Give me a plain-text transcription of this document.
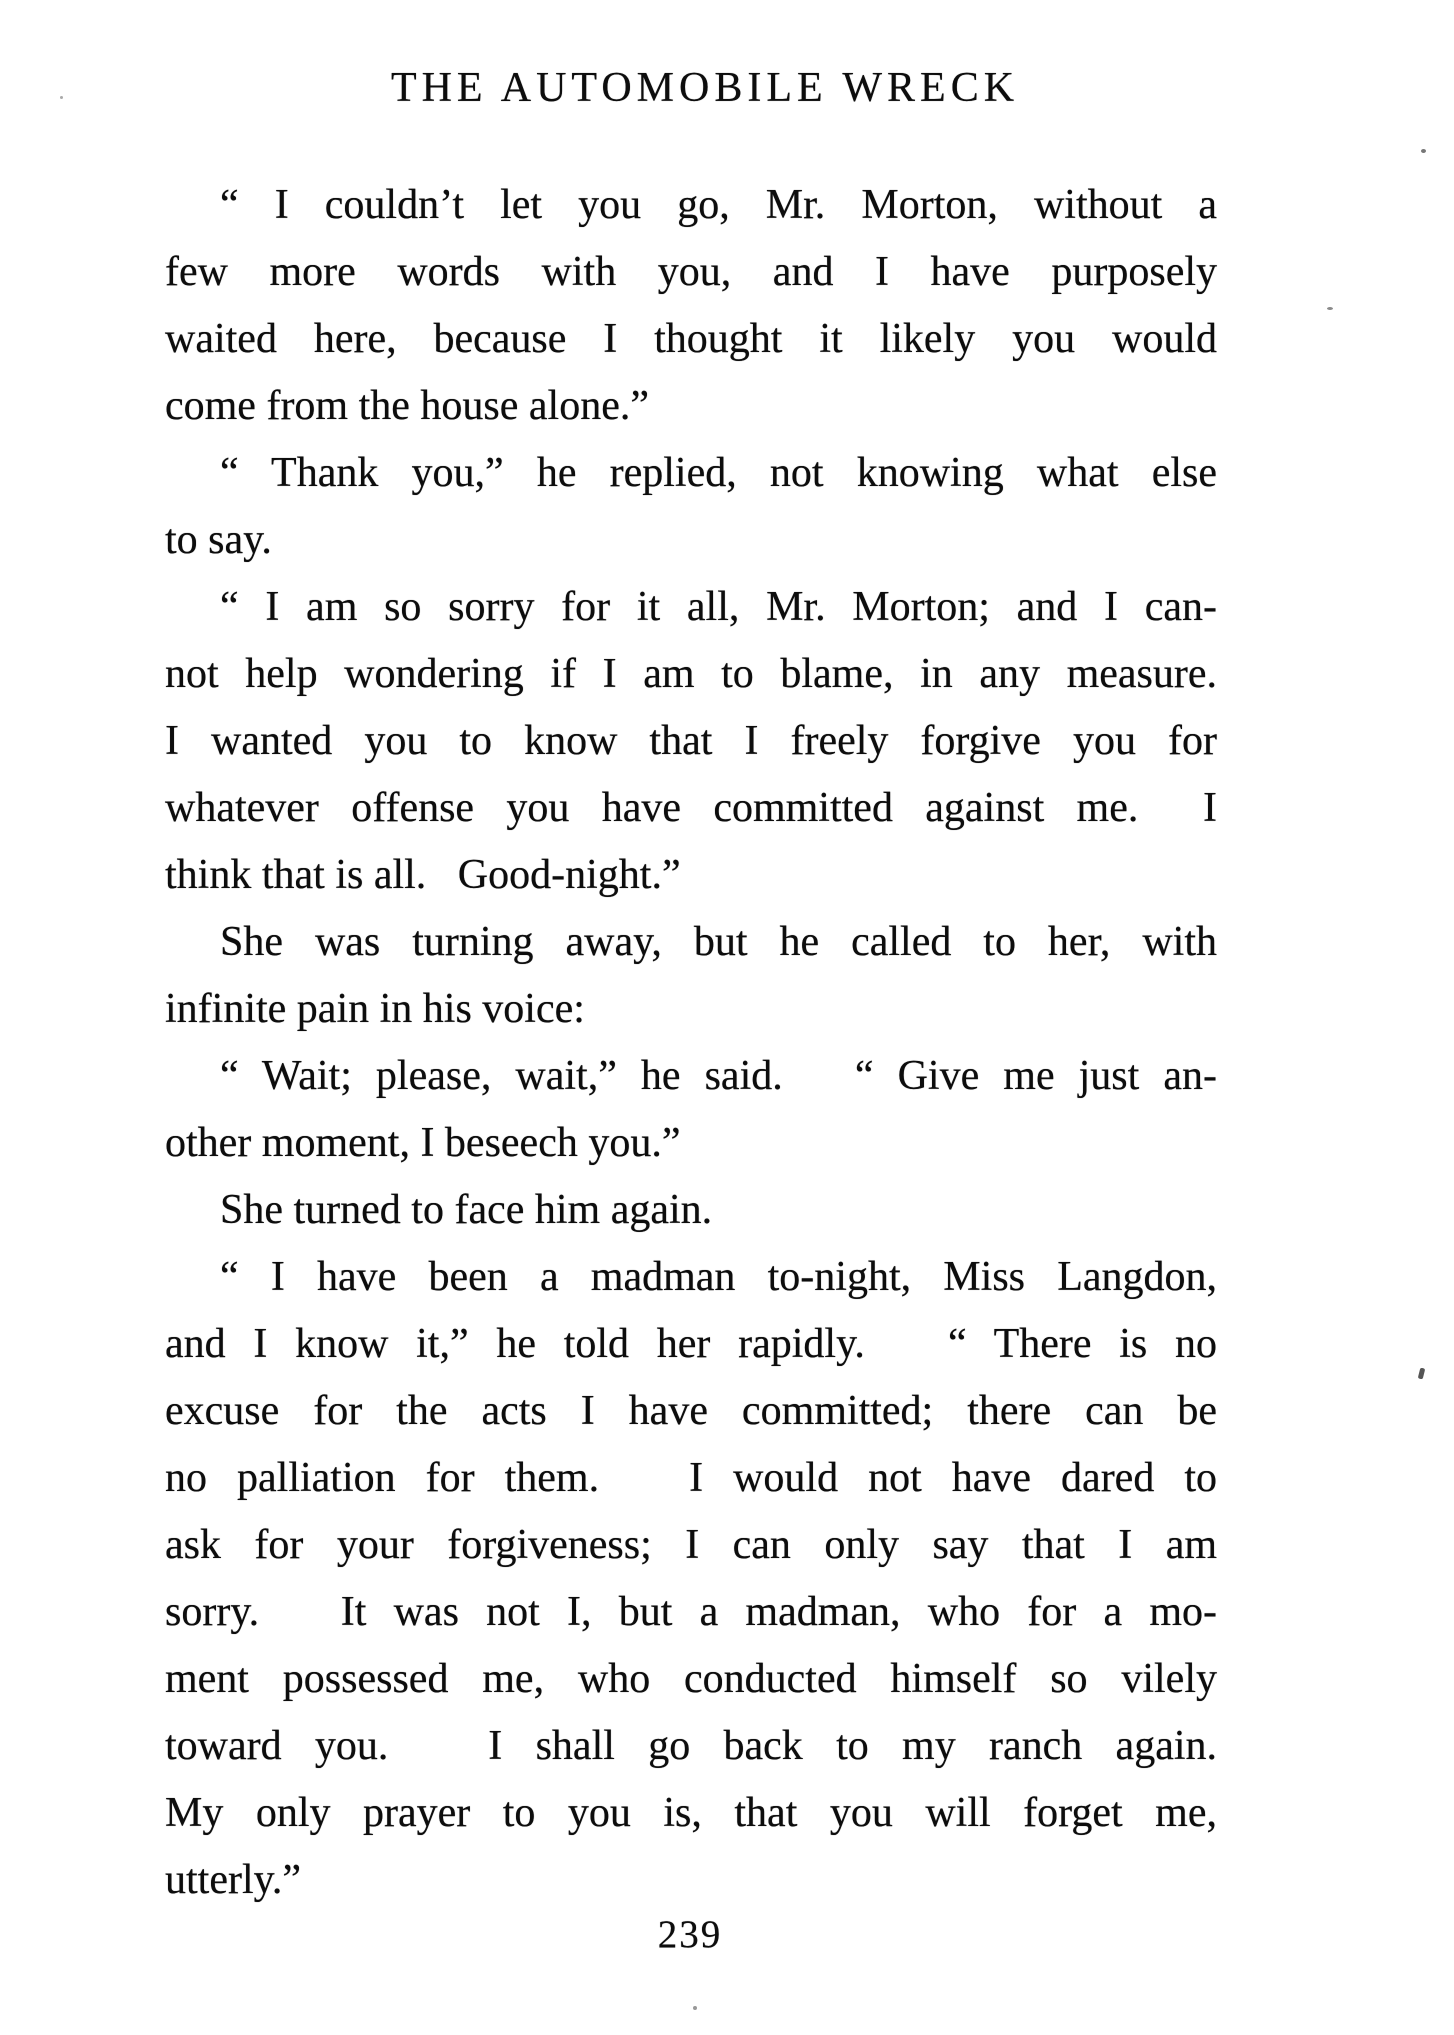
THE AUTOMOBILE WRECK
“ I couldn’t let you go, Mr. Morton, without a
few more words with you, and I have purposely
waited here, because I thought it likely you would
come from the house alone.”
“ Thank you,” he replied, not knowing what else
to say.
“ I am so sorry for it all, Mr. Morton; and I can-
not help wondering if I am to blame, in any measure.
I wanted you to know that I freely forgive you for
whatever offense you have committed against me.  I
think that is all.   Good-night.”
She was turning away, but he called to her, with
infinite pain in his voice:
“ Wait; please, wait,” he said.   “ Give me just an-
other moment, I beseech you.”
She turned to face him again.
“ I have been a madman to-night, Miss Langdon,
and I know it,” he told her rapidly.   “ There is no
excuse for the acts I have committed; there can be
no palliation for them.   I would not have dared to
ask for your forgiveness; I can only say that I am
sorry.   It was not I, but a madman, who for a mo-
ment possessed me, who conducted himself so vilely
toward you.   I shall go back to my ranch again.
My only prayer to you is, that you will forget me,
utterly.”
239
